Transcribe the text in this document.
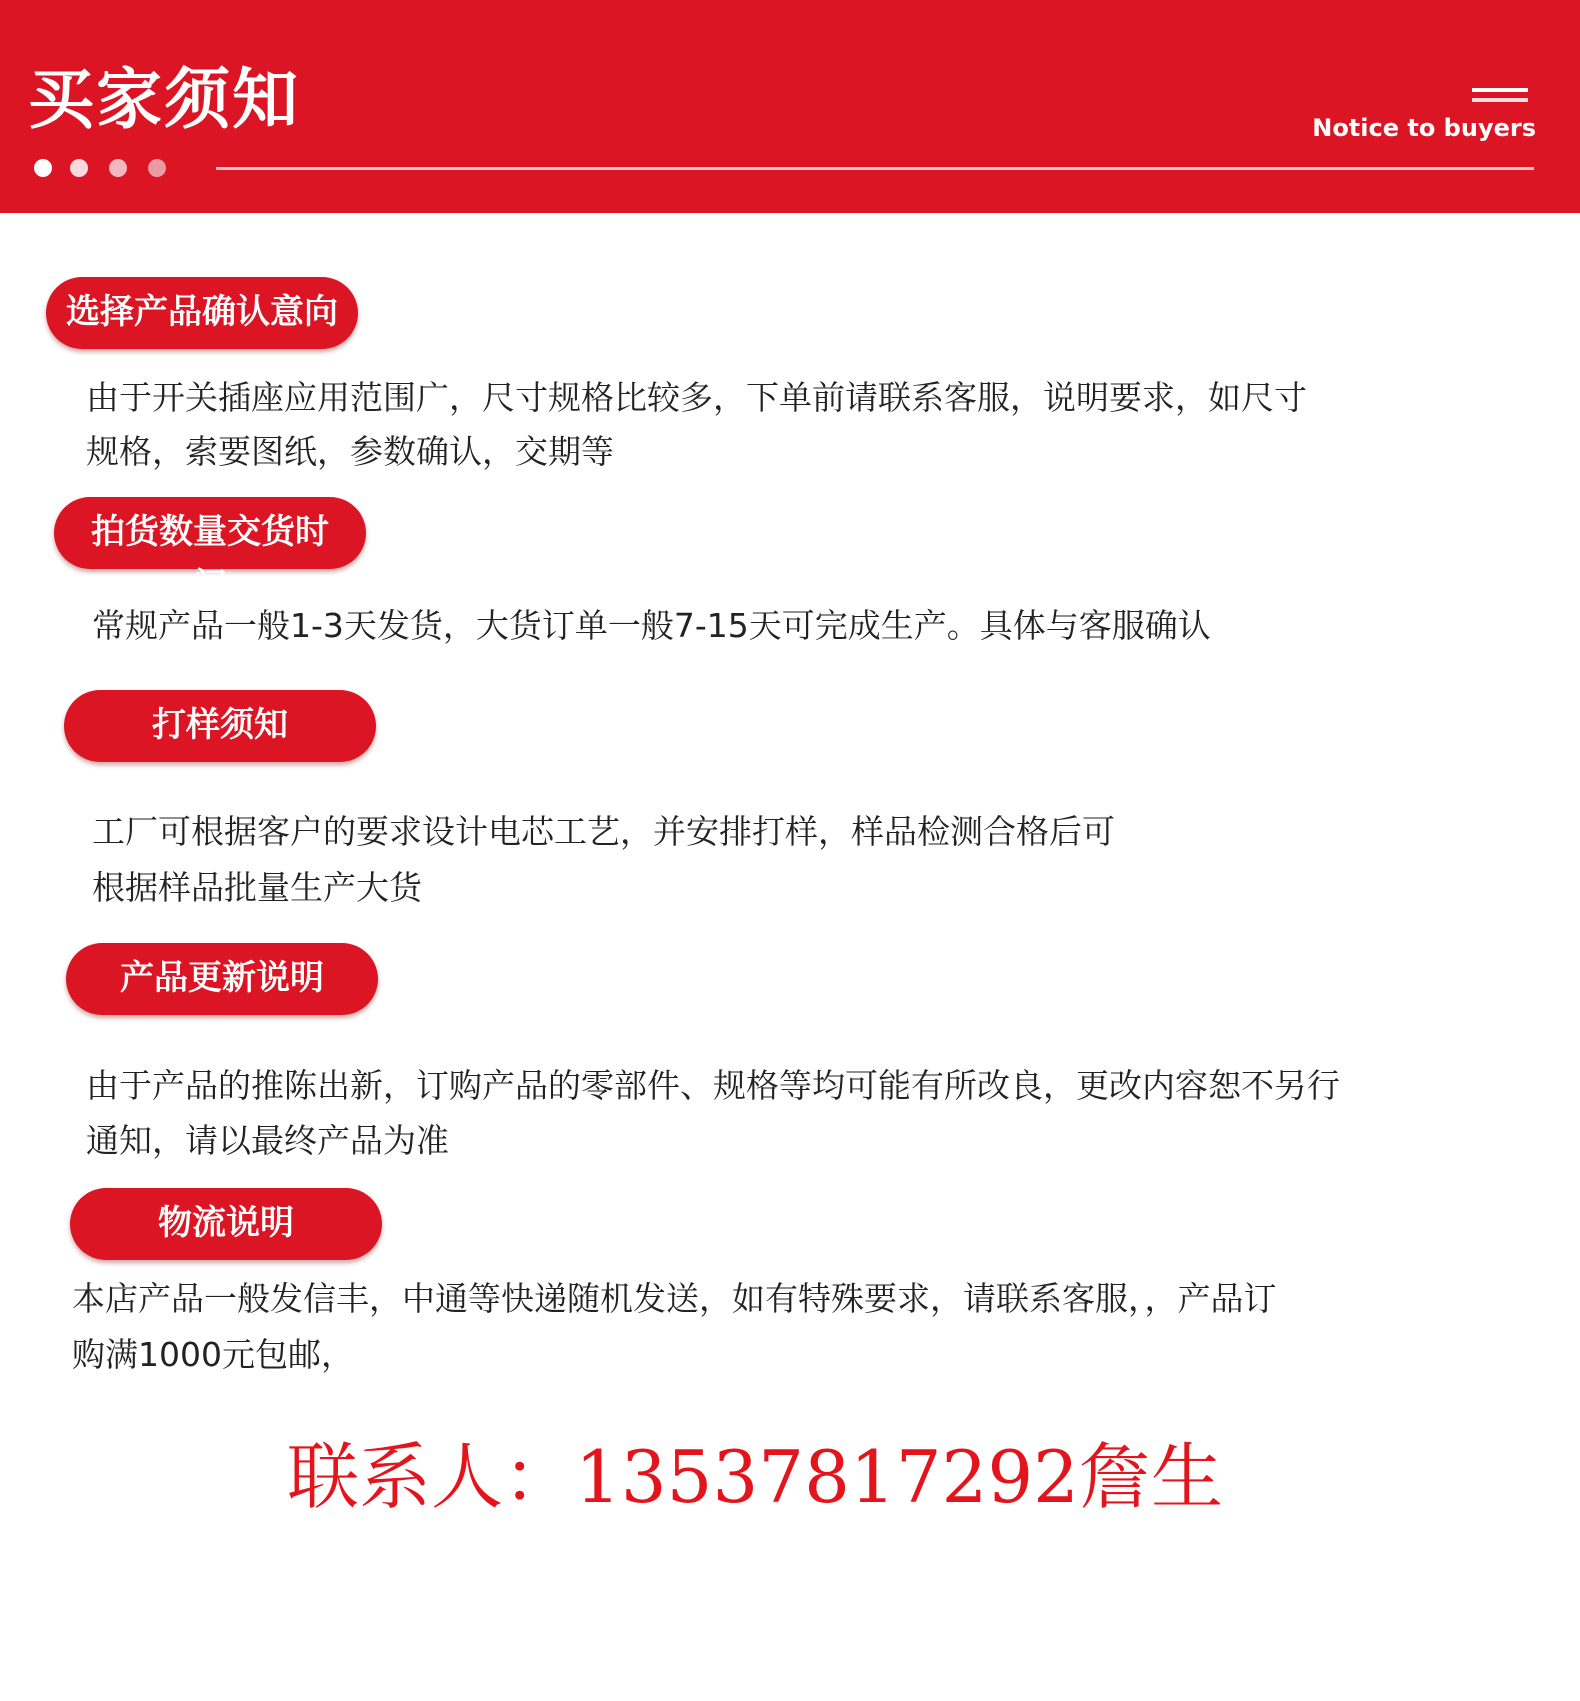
买家须知	Notice to buyers
选择产品确认意向
由于开关插座应用范围广，尺寸规格比较多，下单前请联系客服，说明要求，如尺寸
规格，索要图纸，参数确认，交期等
拍货数量交货时间
常规产品一般1-3天发货，大货订单一般7-15天可完成生产。具体与客服确认
打样须知
工厂可根据客户的要求设计电芯工艺，并安排打样，样品检测合格后可
根据样品批量生产大货
产品更新说明
由于产品的推陈出新，订购产品的零部件、规格等均可能有所改良，更改内容恕不另行
通知，请以最终产品为准
物流说明
本店产品一般发信丰，中通等快递随机发送，如有特殊要求，请联系客服，，产品订
购满1000元包邮，
联系人：13537817292詹生
